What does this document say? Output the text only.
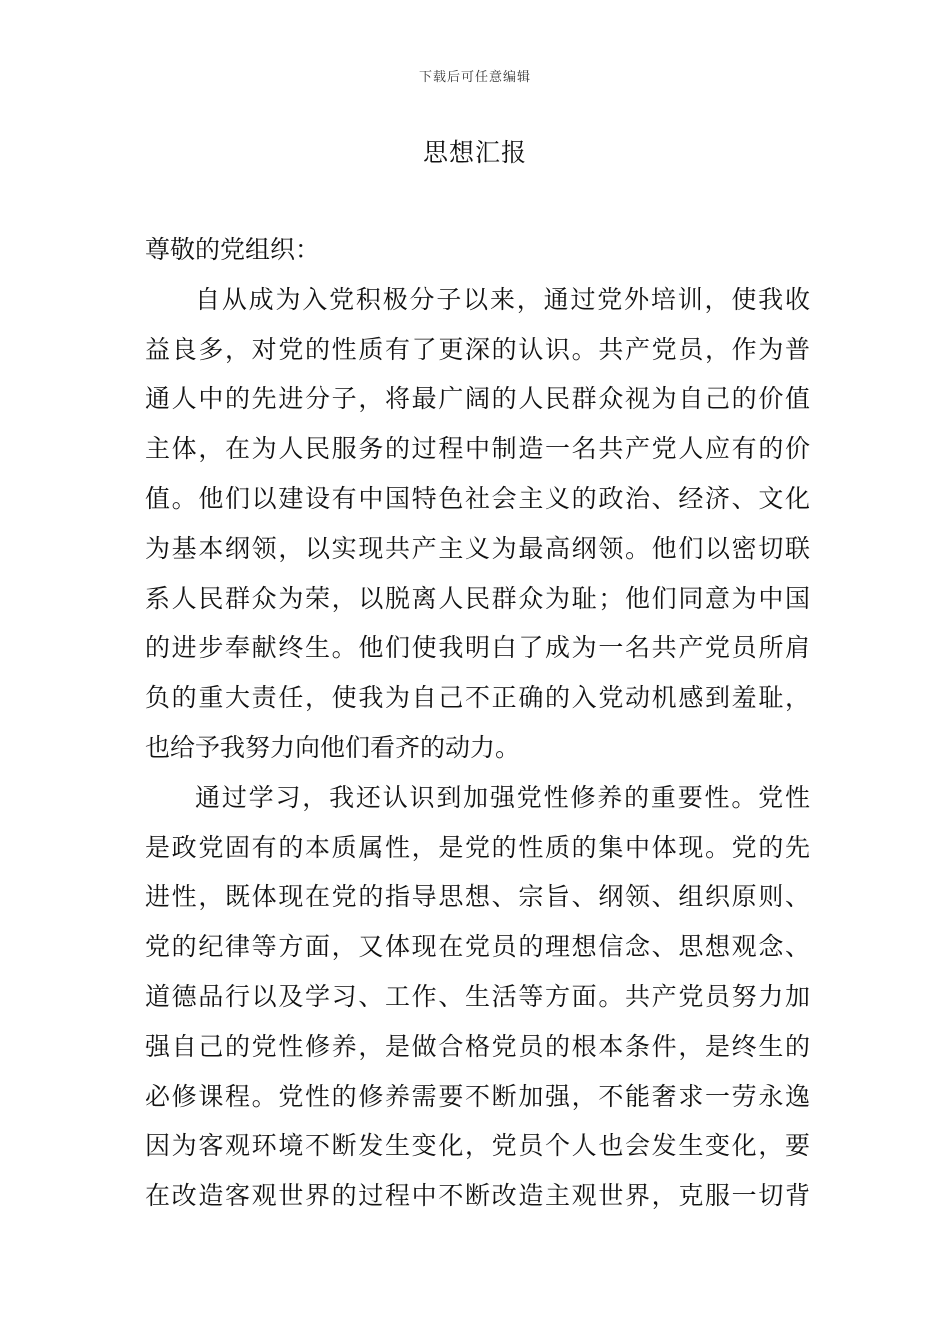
下载后可任意编辑
思想汇报

尊敬的党组织：

自从成为入党积极分子以来，通过党外培训，使我收
益良多，对党的性质有了更深的认识。共产党员，作为普
通人中的先进分子，将最广阔的人民群众视为自己的价值
主体，在为人民服务的过程中制造一名共产党人应有的价
值。他们以建设有中国特色社会主义的政治、经济、文化
为基本纲领，以实现共产主义为最高纲领。他们以密切联
系人民群众为荣，以脱离人民群众为耻；他们同意为中国
的进步奉献终生。他们使我明白了成为一名共产党员所肩
负的重大责任，使我为自己不正确的入党动机感到羞耻，
也给予我努力向他们看齐的动力。

通过学习，我还认识到加强党性修养的重要性。党性
是政党固有的本质属性，是党的性质的集中体现。党的先
进性，既体现在党的指导思想、宗旨、纲领、组织原则、
党的纪律等方面，又体现在党员的理想信念、思想观念、
道德品行以及学习、工作、生活等方面。共产党员努力加
强自己的党性修养，是做合格党员的根本条件，是终生的
必修课程。党性的修养需要不断加强，不能奢求一劳永逸
因为客观环境不断发生变化，党员个人也会发生变化，要
在改造客观世界的过程中不断改造主观世界，克服一切背
